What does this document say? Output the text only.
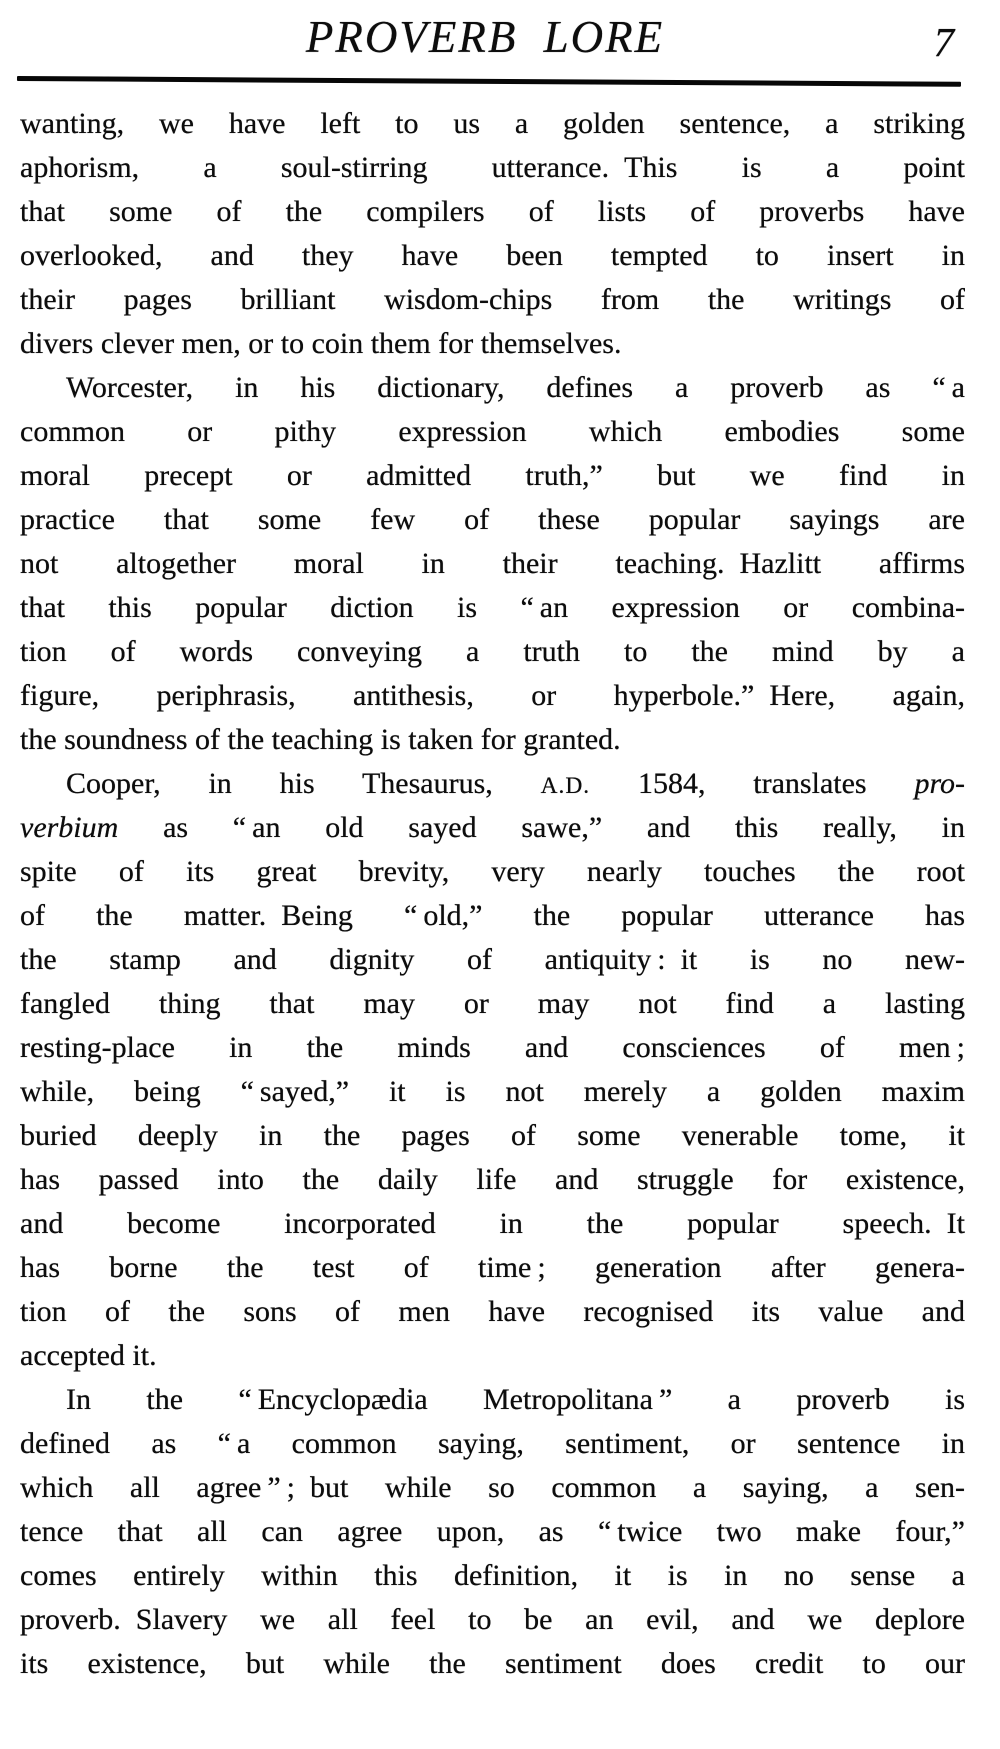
PROVERB LORE	7
wanting, we have left to us a golden sentence, a striking
aphorism, a soul-stirring utterance. This is a point
that some of the compilers of lists of proverbs have
overlooked, and they have been tempted to insert in
their pages brilliant wisdom-chips from the writings of
divers clever men, or to coin them for themselves.
Worcester, in his dictionary, defines a proverb as “ a
common or pithy expression which embodies some
moral precept or admitted truth,” but we find in
practice that some few of these popular sayings are
not altogether moral in their teaching. Hazlitt affirms
that this popular diction is “ an expression or combina-
tion of words conveying a truth to the mind by a
figure, periphrasis, antithesis, or hyperbole.” Here, again,
the soundness of the teaching is taken for granted.
Cooper, in his Thesaurus, A.D. 1584, translates pro-
verbium as “ an old sayed sawe,” and this really, in
spite of its great brevity, very nearly touches the root
of the matter. Being “ old,” the popular utterance has
the stamp and dignity of antiquity : it is no new-
fangled thing that may or may not find a lasting
resting-place in the minds and consciences of men ;
while, being “ sayed,” it is not merely a golden maxim
buried deeply in the pages of some venerable tome, it
has passed into the daily life and struggle for existence,
and become incorporated in the popular speech. It
has borne the test of time ; generation after genera-
tion of the sons of men have recognised its value and
accepted it.
In the “ Encyclopædia Metropolitana ” a proverb is
defined as “ a common saying, sentiment, or sentence in
which all agree ” ; but while so common a saying, a sen-
tence that all can agree upon, as “ twice two make four,”
comes entirely within this definition, it is in no sense a
proverb. Slavery we all feel to be an evil, and we deplore
its existence, but while the sentiment does credit to our
